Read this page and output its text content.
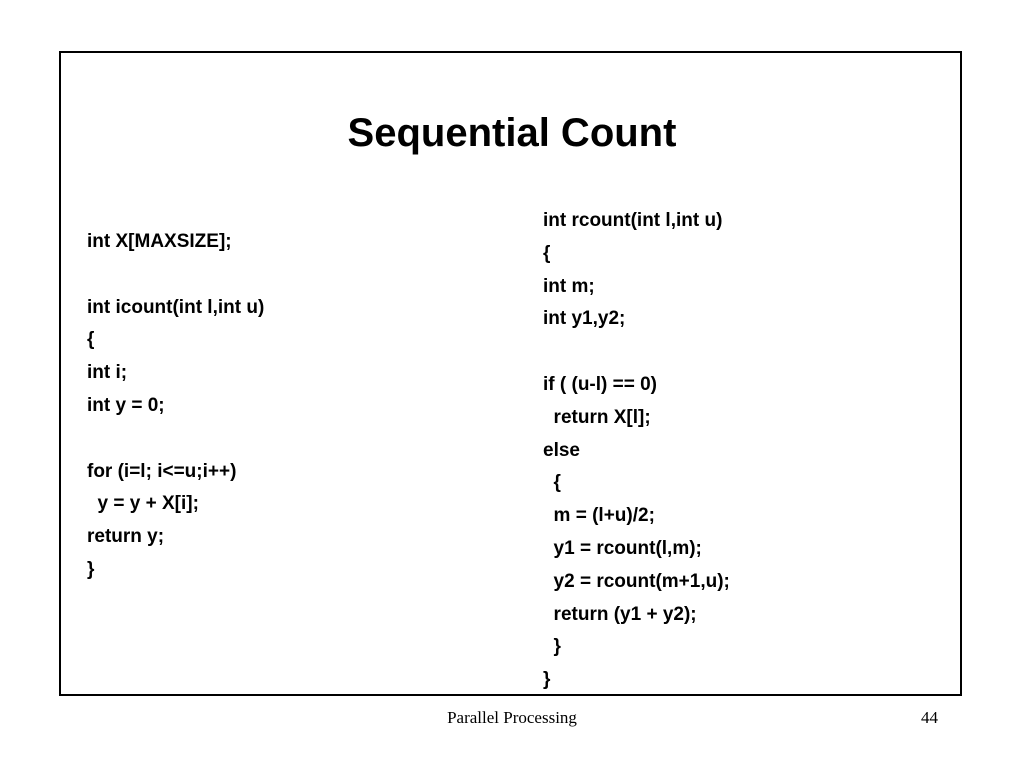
Sequential Count
int X[MAXSIZE];
int icount(int l,int u)
{
int i;
int y = 0;
for (i=l; i<=u;i++)
y = y + X[i];
return y;
}
int rcount(int l,int u)
{
int m;
int y1,y2;
if ( (u-l) == 0)
return X[l];
else
{
m = (l+u)/2;
y1 = rcount(l,m);
y2 = rcount(m+1,u);
return (y1 + y2);
}
}
Parallel Processing	44
